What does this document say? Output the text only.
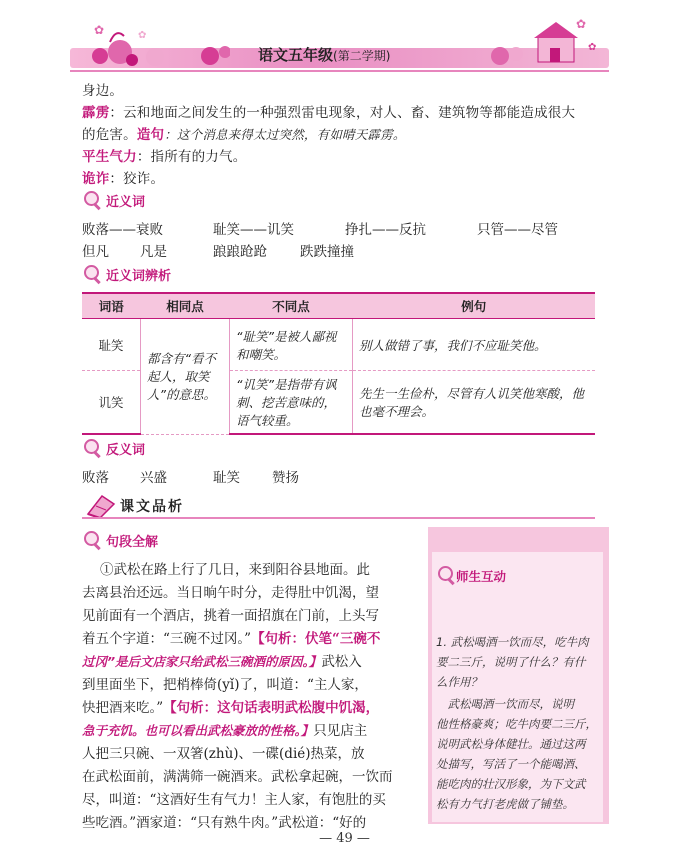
✿	✿
✿
✿
语文五年级(第二学期)
身边。
霹雳：云和地面之间发生的一种强烈雷电现象，对人、畜、建筑物等都能造成很大
的危害。造句：这个消息来得太过突然，有如晴天霹雳。
平生气力：指所有的力气。
诡诈：狡诈。
近义词
败落——衰败	耻笑——讥笑	挣扎——反抗	只管——尽管
但凡 凡是	踉踉跄跄 跌跌撞撞
近义词辨析
词语	相同点	不同点	例句
耻笑	都含有“看不起人，取笑人”的意思。	“耻笑”是被人鄙视和嘲笑。	别人做错了事，我们不应耻笑他。
讥笑		“讥笑”是指带有讽刺、挖苦意味的，语气较重。	先生一生俭朴，尽管有人讥笑他寒酸，他也毫不理会。
反义词
败落 兴盛	耻笑 赞扬
课文品析
句段全解
①武松在路上行了几日，来到阳谷县地面。此
去离县治还远。当日晌午时分，走得肚中饥渴，望
见前面有一个酒店，挑着一面招旗在门前，上头写
着五个字道：“三碗不过冈。”【句析：伏笔“三碗不
过冈”是后文店家只给武松三碗酒的原因。】武松入
到里面坐下，把梢棒倚(yǐ)了，叫道：“主人家，
快把酒来吃。”【句析：这句话表明武松腹中饥渴，
急于充饥。也可以看出武松豪放的性格。】只见店主
人把三只碗、一双箸(zhù)、一碟(dié)热菜，放
在武松面前，满满筛一碗酒来。武松拿起碗，一饮而
尽，叫道：“这酒好生有气力！主人家，有饱肚的买
些吃酒。”酒家道：“只有熟牛肉。”武松道：“好的
师生互动
1. 武松喝酒一饮而尽，吃牛肉
要二三斤，说明了什么？有什
么作用？
　武松喝酒一饮而尽，说明
他性格豪爽；吃牛肉要二三斤，
说明武松身体健壮。通过这两
处描写，写活了一个能喝酒、
能吃肉的壮汉形象，为下文武
松有力气打老虎做了铺垫。
— 49 —
